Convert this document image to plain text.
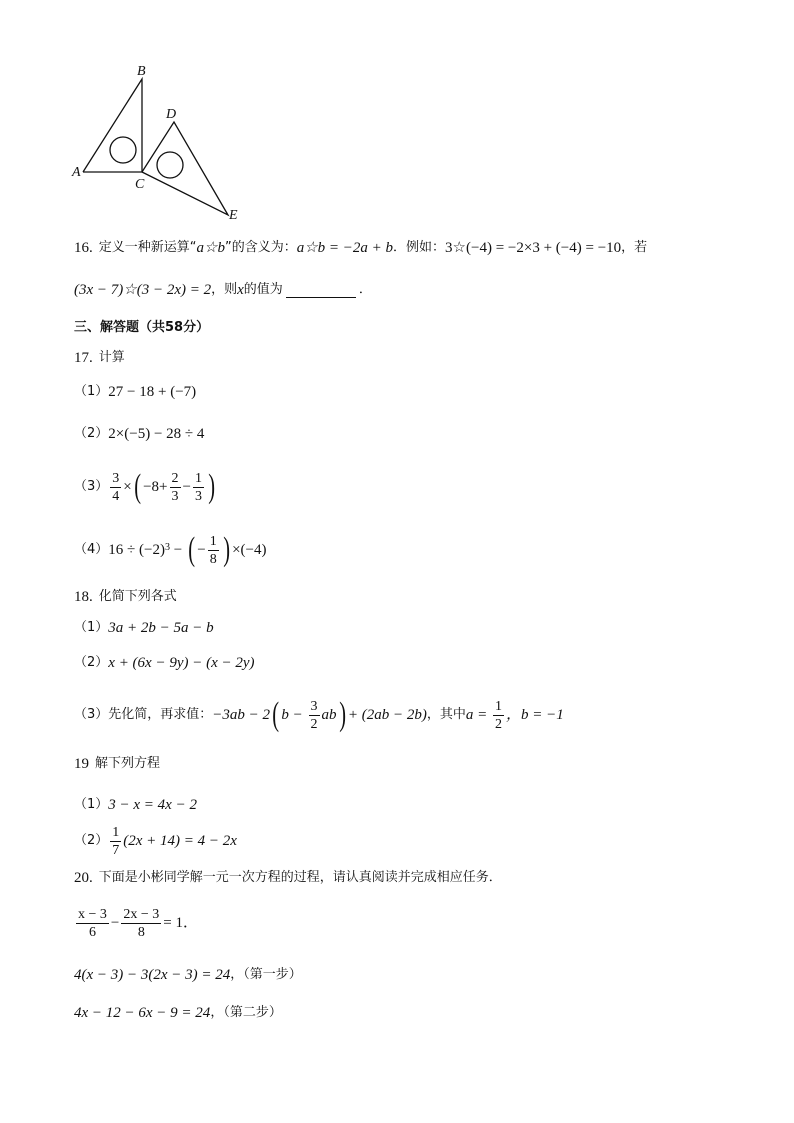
B
D
A
C
E
16. 定义一种新运算“ a☆b ”的含义为： a☆b = −2a + b ．例如： 3☆(−4) = −2×3 + (−4) = −10 ，若
(3x − 7)☆(3 − 2x) = 2 ，则 x 的值为	．
三、解答题（共58分）
17. 计算
（1） 27 − 18 + (−7)
（2） 2×(−5) − 28 ÷ 4
$(3) \frac{3}{4}$ × ( $-8+ \frac{2}{3} - \frac{1}{3}$ )
（4） 16 ÷ (−2) 3 − ( − $\frac{1}{8}$ ) ×(−4)
18. 化简下列各式
（1） 3a + 2b − 5a − b
（2） x + (6x − 9y) − (x − 2y)
（3） 先化简，再求值： −3ab − 2 ( $b - \frac{3}{2}$ ab ) + (2ab − 2b) ，其中 $a = \frac{1}{2}$ ，b = −1
19 解下列方程
（1） 3 − x = 4x − 2
$(2) \frac{1}{7} (2x + 14) = 4 - 2x$
20. 下面是小彬同学解一元一次方程的过程，请认真阅读并完成相应任务．
$\frac{x - 3}{6} - \frac{2x - 3}{8} = 1$．
4(x − 3) − 3(2x − 3) = 24 ，（第一步）
4x − 12 − 6x − 9 = 24 ，（第二步）
